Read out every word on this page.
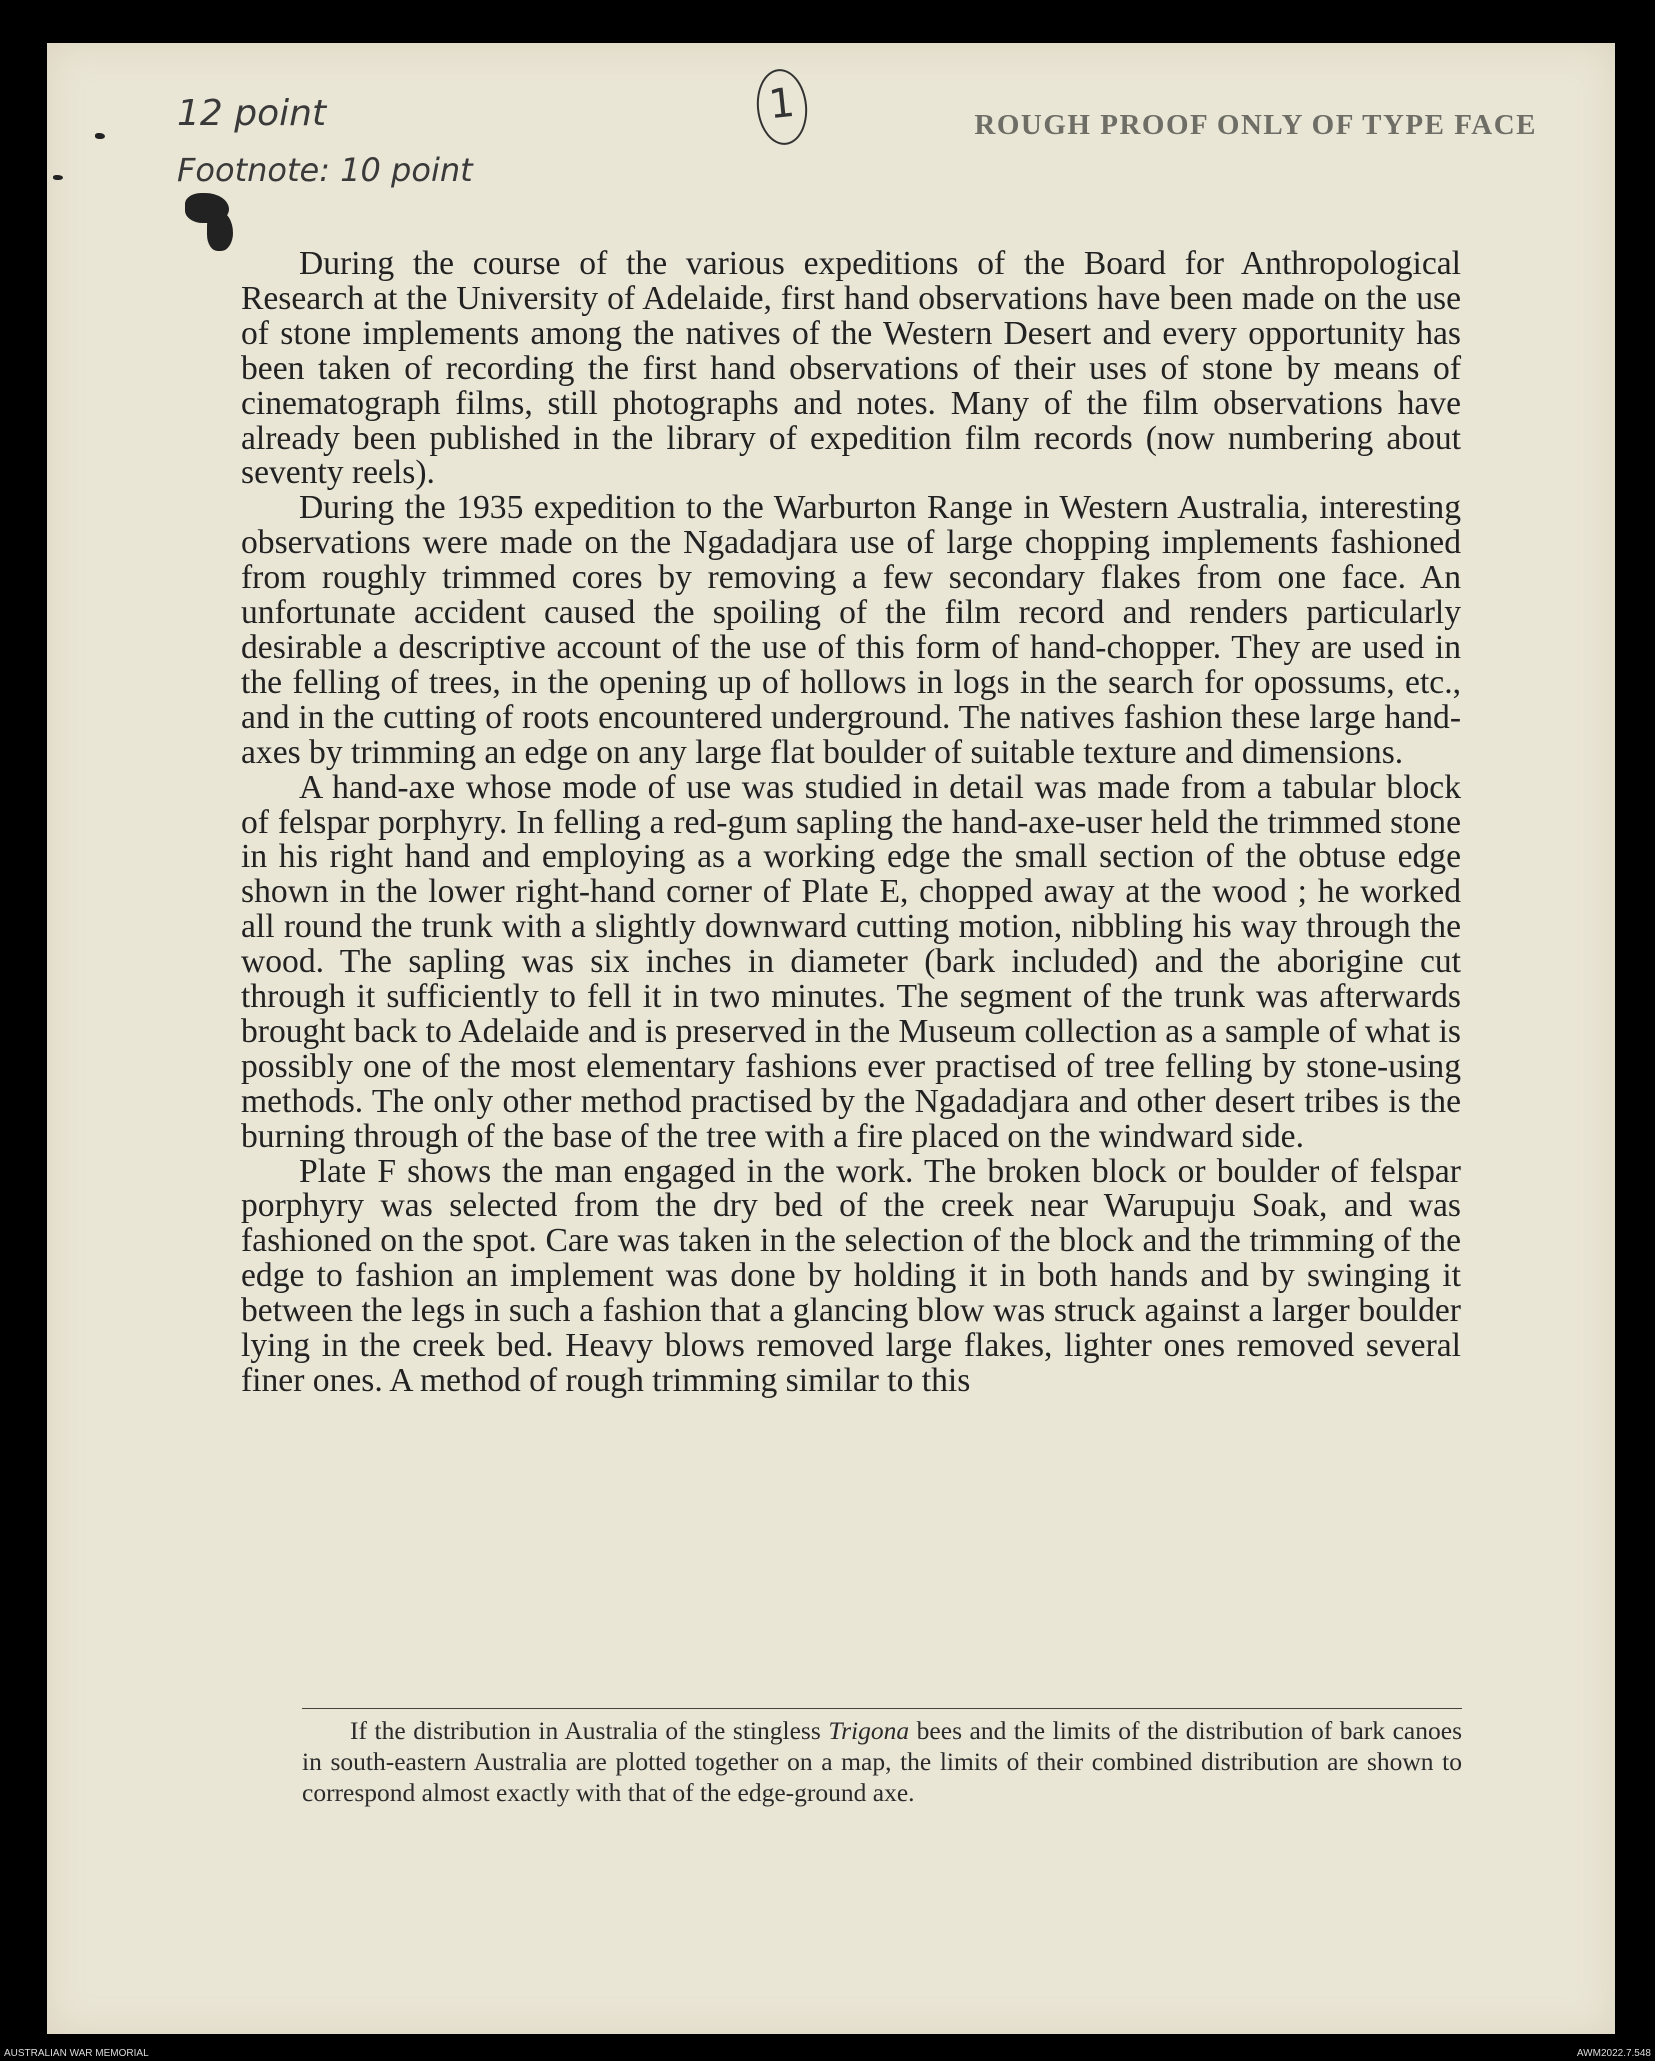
12 point
Footnote: 10 point
1	ROUGH PROOF ONLY OF TYPE FACE

During the course of the various expeditions of the Board for Anthropological Research at the University of Adelaide, first hand observations have been made on the use of stone implements among the natives of the Western Desert and every opportunity has been taken of recording the first hand observations of their uses of stone by means of cinematograph films, still photographs and notes. Many of the film observations have already been published in the library of expedition film records (now numbering about seventy reels).

During the 1935 expedition to the Warburton Range in Western Australia, interesting observations were made on the Ngadadjara use of large chopping implements fashioned from roughly trimmed cores by removing a few secondary flakes from one face. An unfortunate accident caused the spoiling of the film record and renders particularly desirable a descriptive account of the use of this form of hand-chopper. They are used in the felling of trees, in the opening up of hollows in logs in the search for opossums, etc., and in the cutting of roots encountered underground. The natives fashion these large hand-axes by trimming an edge on any large flat boulder of suitable texture and dimensions.

A hand-axe whose mode of use was studied in detail was made from a tabular block of felspar porphyry. In felling a red-gum sapling the hand-axe-user held the trimmed stone in his right hand and employing as a working edge the small section of the obtuse edge shown in the lower right-hand corner of Plate E, chopped away at the wood ; he worked all round the trunk with a slightly downward cutting motion, nibbling his way through the wood. The sapling was six inches in diameter (bark included) and the aborigine cut through it sufficiently to fell it in two minutes. The segment of the trunk was afterwards brought back to Adelaide and is preserved in the Museum collection as a sample of what is possibly one of the most elementary fashions ever practised of tree felling by stone-using methods. The only other method practised by the Ngadadjara and other desert tribes is the burning through of the base of the tree with a fire placed on the windward side.

Plate F shows the man engaged in the work. The broken block or boulder of felspar porphyry was selected from the dry bed of the creek near Warupuju Soak, and was fashioned on the spot. Care was taken in the selection of the block and the trimming of the edge to fashion an implement was done by holding it in both hands and by swinging it between the legs in such a fashion that a glancing blow was struck against a larger boulder lying in the creek bed. Heavy blows removed large flakes, lighter ones removed several finer ones. A method of rough trimming similar to this

If the distribution in Australia of the stingless Trigona bees and the limits of the distribution of bark canoes in south-eastern Australia are plotted together on a map, the limits of their combined distribution are shown to correspond almost exactly with that of the edge-ground axe.
AUSTRALIAN WAR MEMORIAL	AWM2022.7.548
